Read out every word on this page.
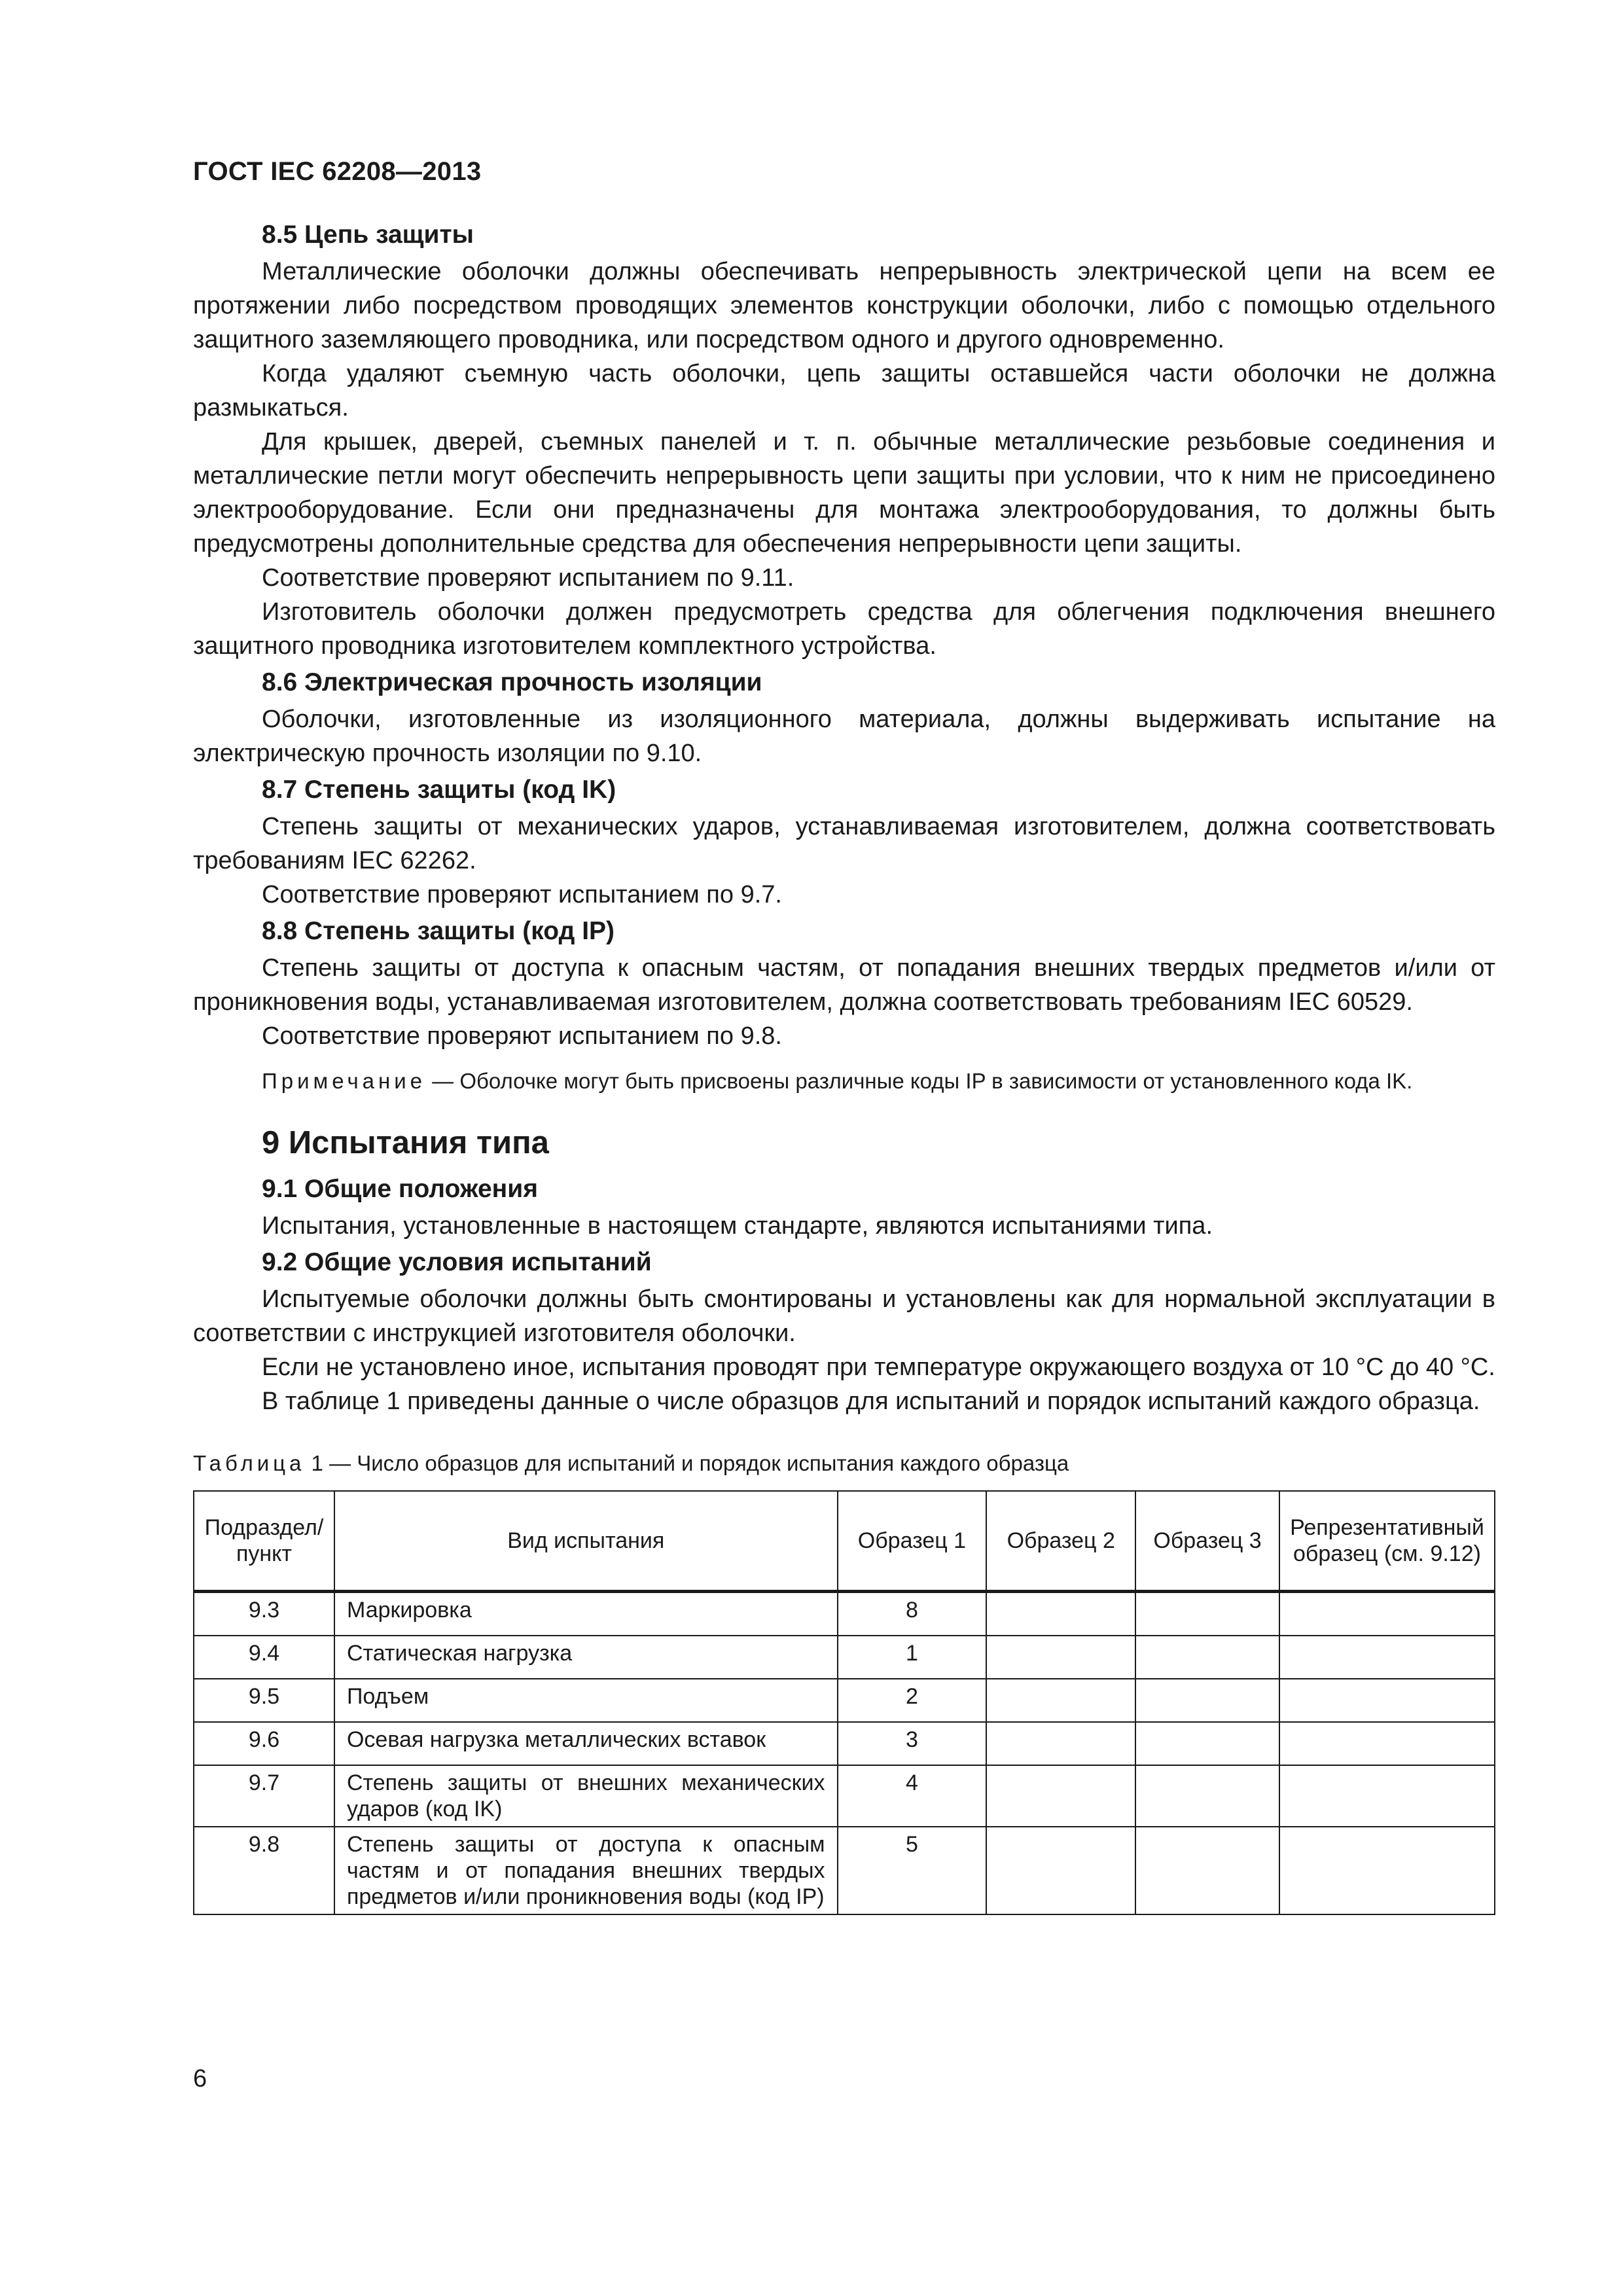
ГОСТ IEC 62208—2013
8.5 Цепь защиты

Металлические оболочки должны обеспечивать непрерывность электрической цепи на всем ее протяжении либо посредством проводящих элементов конструкции оболочки, либо с помощью отдельного защитного заземляющего проводника, или посредством одного и другого одновременно.

Когда удаляют съемную часть оболочки, цепь защиты оставшейся части оболочки не должна размыкаться.

Для крышек, дверей, съемных панелей и т. п. обычные металлические резьбовые соединения и металлические петли могут обеспечить непрерывность цепи защиты при условии, что к ним не присоединено электрооборудование. Если они предназначены для монтажа электрооборудования, то должны быть предусмотрены дополнительные средства для обеспечения непрерывности цепи защиты.

Соответствие проверяют испытанием по 9.11.

Изготовитель оболочки должен предусмотреть средства для облегчения подключения внешнего защитного проводника изготовителем комплектного устройства.

8.6 Электрическая прочность изоляции

Оболочки, изготовленные из изоляционного материала, должны выдерживать испытание на электрическую прочность изоляции по 9.10.

8.7 Степень защиты (код IK)

Степень защиты от механических ударов, устанавливаемая изготовителем, должна соответствовать требованиям IEC 62262.

Соответствие проверяют испытанием по 9.7.

8.8 Степень защиты (код IP)

Степень защиты от доступа к опасным частям, от попадания внешних твердых предметов и/или от проникновения воды, устанавливаемая изготовителем, должна соответствовать требованиям IEC 60529.

Соответствие проверяют испытанием по 9.8.

Примечание — Оболочке могут быть присвоены различные коды IP в зависимости от установленного кода IK.
9 Испытания типа
9.1 Общие положения

Испытания, установленные в настоящем стандарте, являются испытаниями типа.

9.2 Общие условия испытаний

Испытуемые оболочки должны быть смонтированы и установлены как для нормальной эксплуатации в соответствии с инструкцией изготовителя оболочки.

Если не установлено иное, испытания проводят при температуре окружающего воздуха от 10 °С до 40 °С.

В таблице 1 приведены данные о числе образцов для испытаний и порядок испытаний каждого образца.

Таблица 1 — Число образцов для испытаний и порядок испытания каждого образца
Подраздел/ пункт	Вид испытания	Образец 1	Образец 2	Образец 3	Репрезентативный образец (см. 9.12)
9.3	Маркировка	8			
9.4	Статическая нагрузка	1			
9.5	Подъем	2			
9.6	Осевая нагрузка металлических вставок	3			
9.7	Степень защиты от внешних механических ударов (код IK)	4			
9.8	Степень защиты от доступа к опасным частям и от попадания внешних твердых предметов и/или проникновения воды (код IP)	5			
6
